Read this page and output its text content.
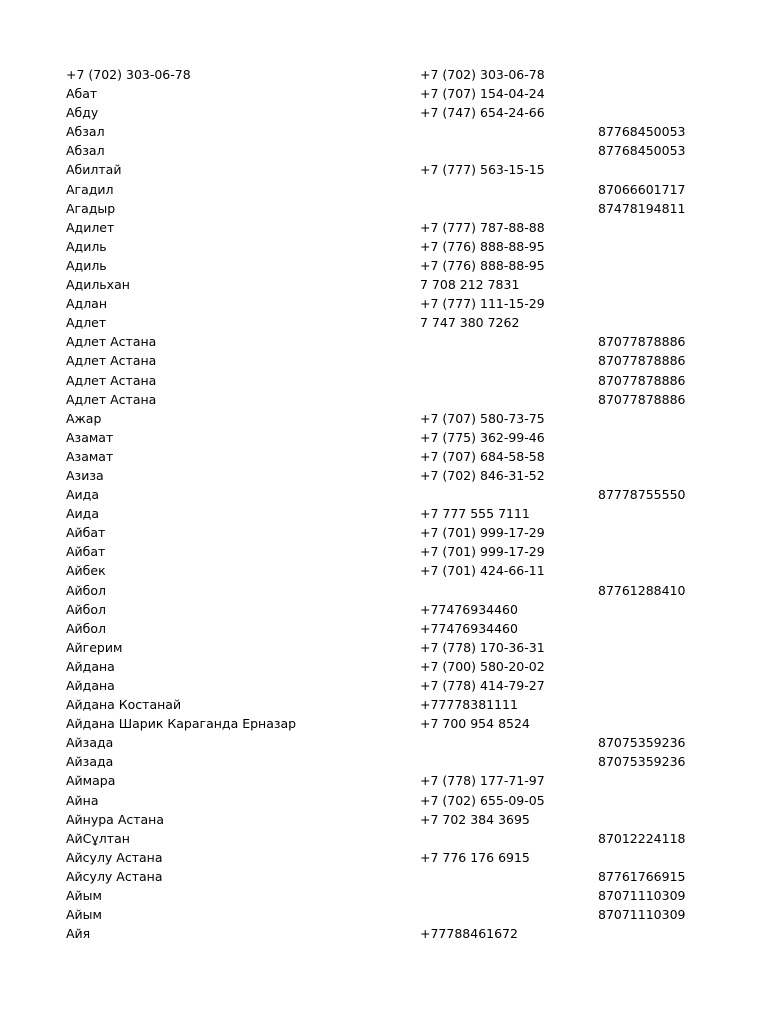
+7 (702) 303-06-78	+7 (702) 303-06-78
Абат	+7 (707) 154-04-24
Абду	+7 (747) 654-24-66
Абзал	87768450053
Абзал	87768450053
Абилтай	+7 (777) 563-15-15
Агадил	87066601717
Агадыр	87478194811
Адилет	+7 (777) 787-88-88
Адиль	+7 (776) 888-88-95
Адиль	+7 (776) 888-88-95
Адильхан	7 708 212 7831
Адлан	+7 (777) 111-15-29
Адлет	7 747 380 7262
Адлет Астана	87077878886
Адлет Астана	87077878886
Адлет Астана	87077878886
Адлет Астана	87077878886
Ажар	+7 (707) 580-73-75
Азамат	+7 (775) 362-99-46
Азамат	+7 (707) 684-58-58
Азиза	+7 (702) 846-31-52
Аида	87778755550
Аида	+7 777 555 7111
Айбат	+7 (701) 999-17-29
Айбат	+7 (701) 999-17-29
Айбек	+7 (701) 424-66-11
Айбол	87761288410
Айбол	+77476934460
Айбол	+77476934460
Айгерим	+7 (778) 170-36-31
Айдана	+7 (700) 580-20-02
Айдана	+7 (778) 414-79-27
Айдана Костанай	+77778381111
Айдана Шарик Караганда Ерназар	+7 700 954 8524
Айзада	87075359236
Айзада	87075359236
Аймара	+7 (778) 177-71-97
Айна	+7 (702) 655-09-05
Айнура Астана	+7 702 384 3695
АйСұлтан	87012224118
Айсулу Астана	+7 776 176 6915
Айсулу Астана	87761766915
Айым	87071110309
Айым	87071110309
Айя	+77788461672
